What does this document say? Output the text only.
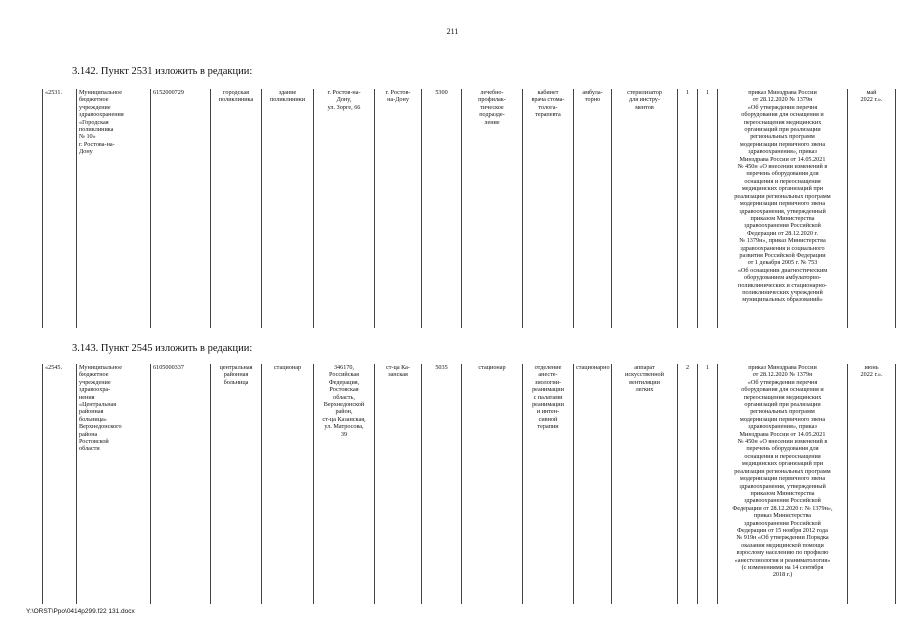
211
3.142. Пункт 2531 изложить в редакции:
«2531.	Муниципальное
бюджетное
учреждение
здравоохранения
«Городская
поликлиника
№ 10»
г. Ростова-на-
Дону	6152000729	городская
поликлиника	здание
поликлиники	г. Ростов-на-
Дону,
ул. Зорге, 66	г. Ростов-
на-Дону	5300	лечебно-
профилак-
тическое
подразде-
ление	кабинет
врача стома-
толога-
терапевта	амбула-
торно	стерилизатор
для инстру-
ментов	1	1	приказ Минздрава России
от 28.12.2020 № 1379н
«Об утверждении перечня
оборудования для оснащения и
переоснащения медицинских
организаций при реализации
региональных программ
модернизации первичного звена
здравоохранения», приказ
Минздрава России от 14.05.2021
№ 450н «О внесении изменений в
перечень оборудования для
оснащения и переоснащения
медицинских организаций при
реализации региональных программ
модернизации первичного звена
здравоохранения, утвержденный
приказом Министерства
здравоохранения Российской
Федерации от 28.12.2020 г.
№ 1379н», приказ Министерства
здравоохранения и социального
развития Российской Федерации
от 1 декабря 2005 г. № 753
«Об оснащении диагностическим
оборудованием амбулаторно-
поликлинических и стационарно-
поликлинических учреждений
муниципальных образований»	май
2022 г.».
3.143. Пункт 2545 изложить в редакции:
«2545.	Муниципальное
бюджетное
учреждение
здравоохра-
нения
«Центральная
районная
больница»
Верхнедонского
района
Ростовской
области	6105000337	центральная
районная
больница	стационар	346170,
Российская
Федерация,
Ростовская
область,
Верхнедонской
район,
ст-ца Казанская,
ул. Матросова,
39	ст-ца Ка-
занская	5035	стационар	отделение
анесте-
зиологии-
реанимации
с палатами
реанимации
и интен-
сивной
терапии	стационарно	аппарат
искусственной
вентиляции
легких	2	1	приказ Минздрава России
от 28.12.2020 № 1379н
«Об утверждении перечня
оборудования для оснащения и
переоснащения медицинских
организаций при реализации
региональных программ
модернизации первичного звена
здравоохранения», приказ
Минздрава России от 14.05.2021
№ 450н «О внесении изменений в
перечень оборудования для
оснащения и переоснащения
медицинских организаций при
реализации региональных программ
модернизации первичного звена
здравоохранения, утвержденный
приказом Министерства
здравоохранения Российской
Федерации от 28.12.2020 г. № 1379н»,
приказ Министерства
здравоохранения Российской
Федерации от 15 ноября 2012 года
№ 919н «Об утверждении Порядка
оказания медицинской помощи
взрослому населению по профилю
«анестезиология и реаниматология»
(с изменениями на 14 сентября
2018 г.)	июнь
2022 г.».
Y:\ORST\Ppo\0414p299.f22 131.docx
